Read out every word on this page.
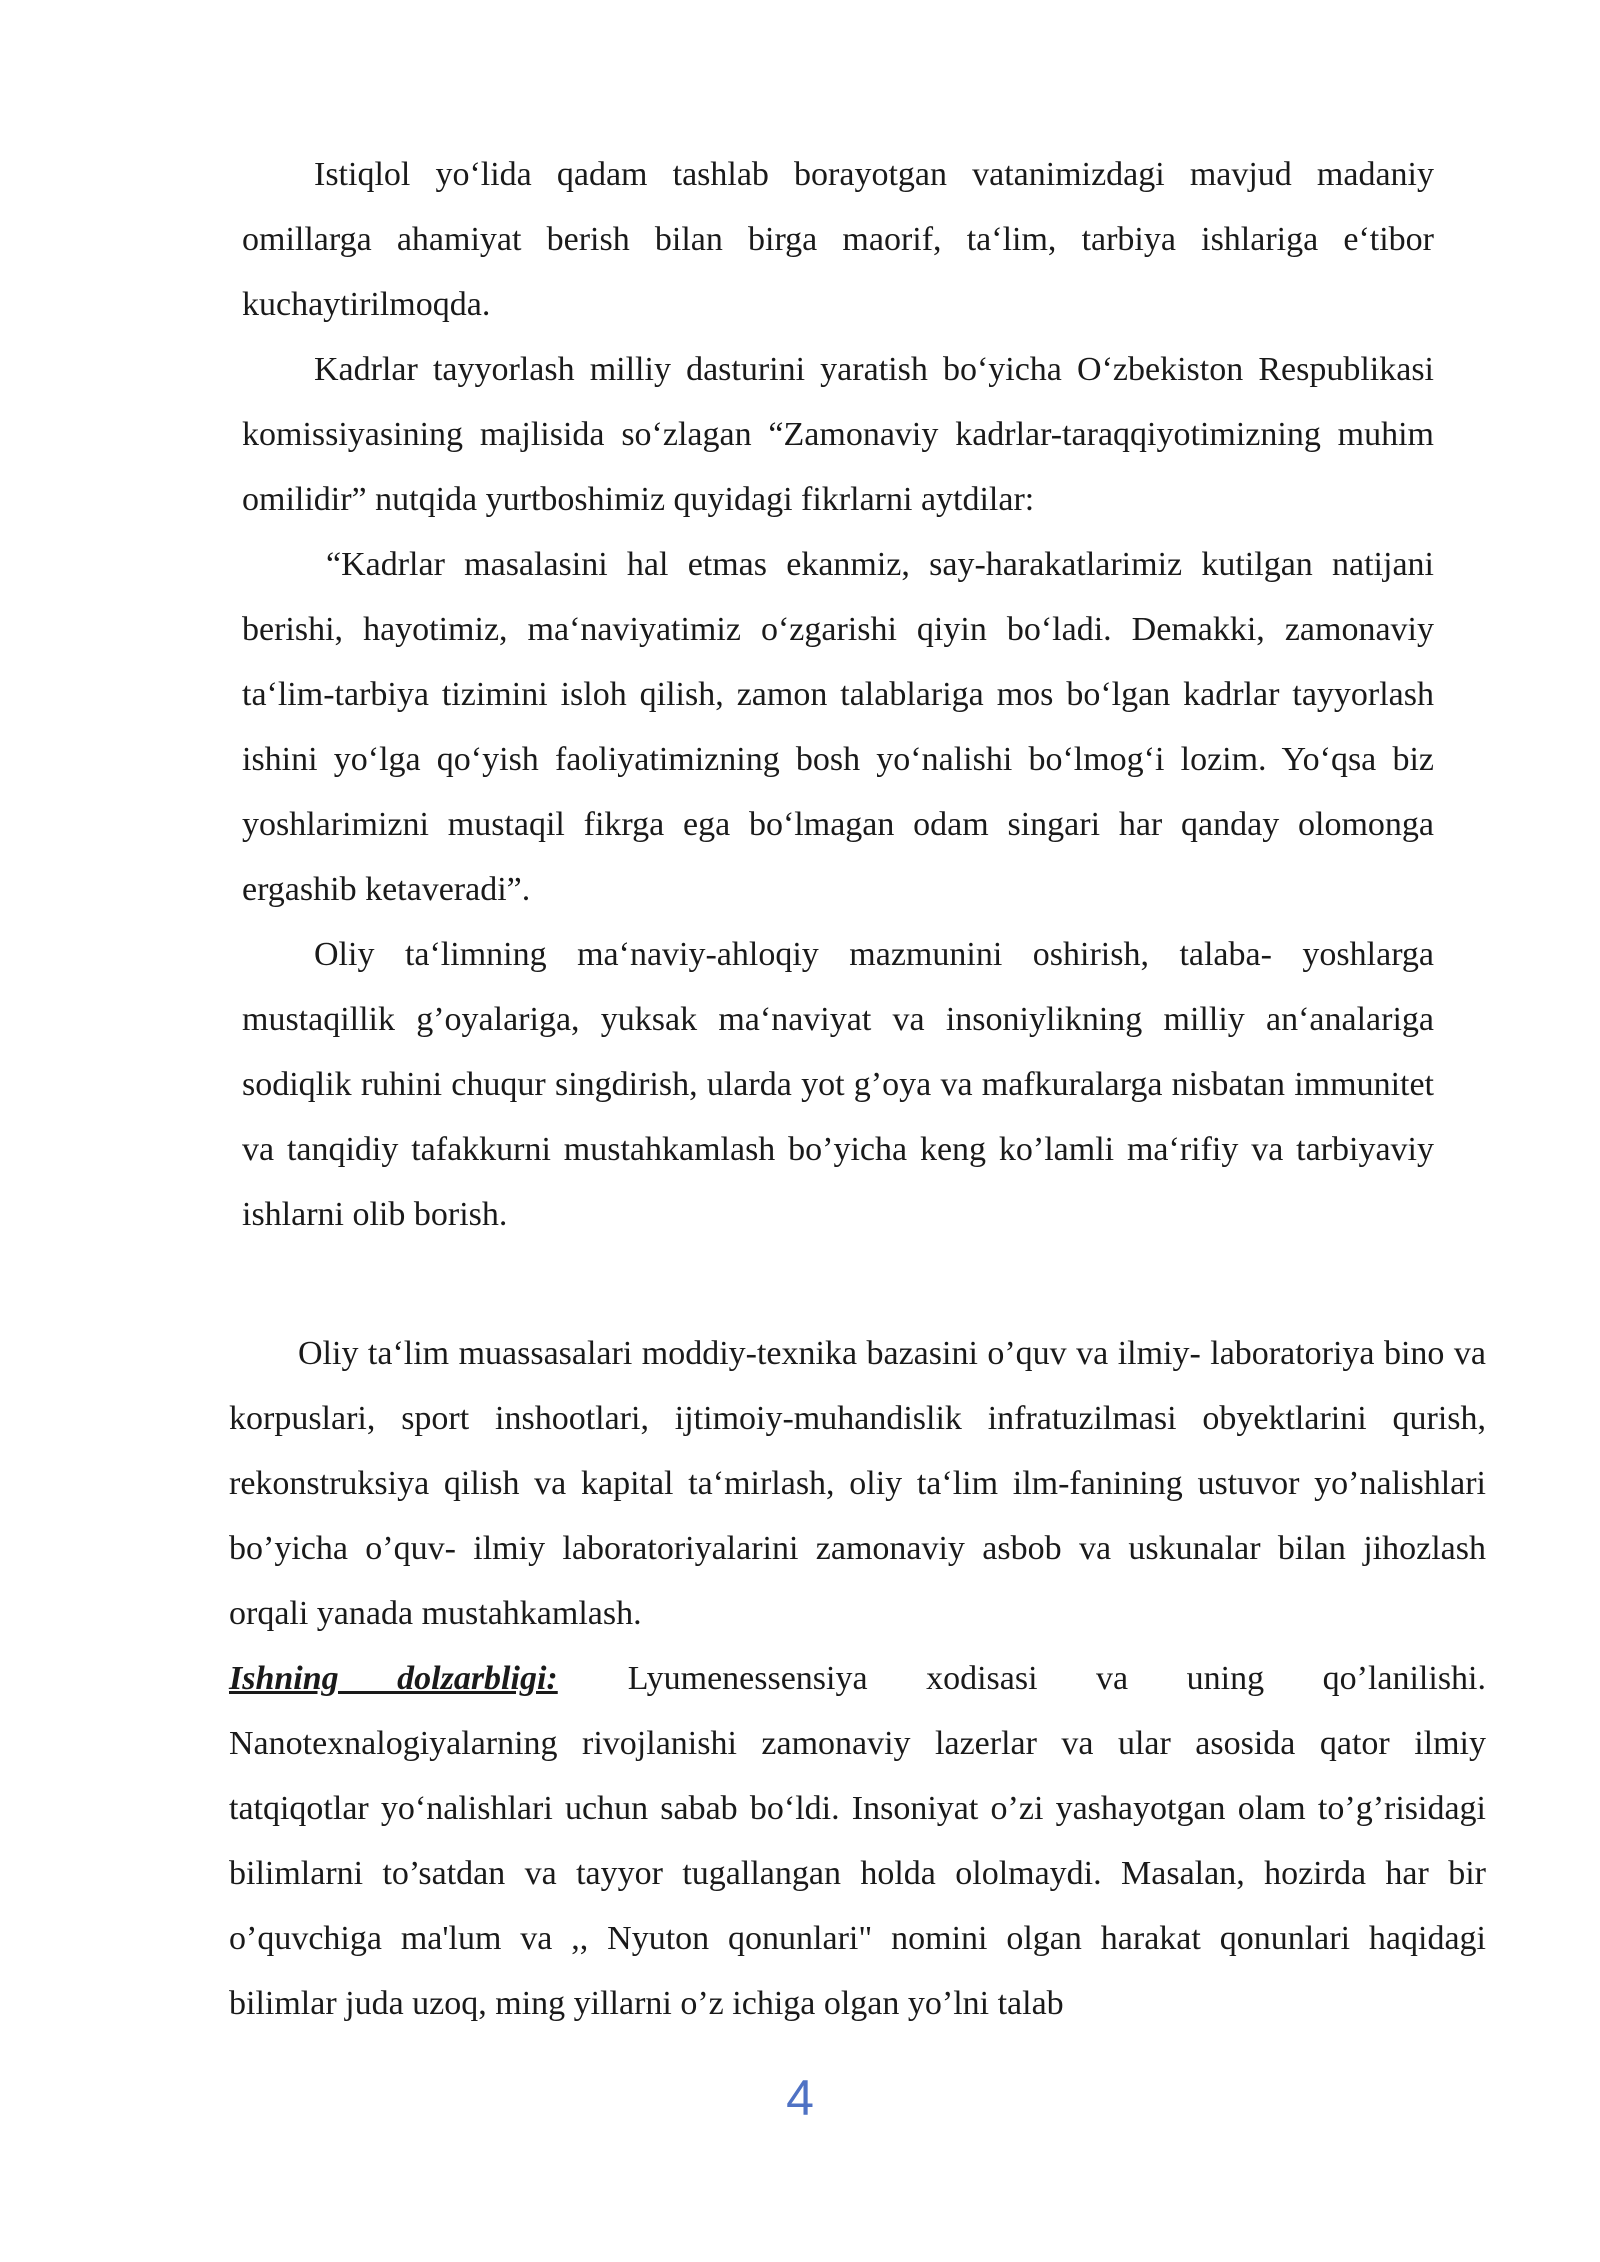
Istiqlol yo‘lida qadam tashlab borayotgan vatanimizdagi mavjud madaniy omillarga ahamiyat berish bilan birga maorif, ta‘lim, tarbiya ishlariga e‘tibor kuchaytirilmoqda.

Kadrlar tayyorlash milliy dasturini yaratish bo‘yicha O‘zbekiston Respublikasi komissiyasining majlisida so‘zlagan “Zamonaviy kadrlar-taraqqiyotimizning muhim omilidir” nutqida yurtboshimiz quyidagi fikrlarni aytdilar:

“Kadrlar masalasini hal etmas ekanmiz, say-harakatlarimiz kutilgan natijani berishi, hayotimiz, ma‘naviyatimiz o‘zgarishi qiyin bo‘ladi. Demakki, zamonaviy ta‘lim-tarbiya tizimini isloh qilish, zamon talablariga mos bo‘lgan kadrlar tayyorlash ishini yo‘lga qo‘yish faoliyatimizning bosh yo‘nalishi bo‘lmog‘i lozim. Yo‘qsa biz yoshlarimizni mustaqil fikrga ega bo‘lmagan odam singari har qanday olomonga ergashib ketaveradi”.

Oliy ta‘limning ma‘naviy-ahloqiy mazmunini oshirish, talaba- yoshlarga mustaqillik g’oyalariga, yuksak ma‘naviyat va insoniylikning milliy an‘analariga sodiqlik ruhini chuqur singdirish, ularda yot g’oya va mafkuralarga nisbatan immunitet va tanqidiy tafakkurni mustahkamlash bo’yicha keng ko’lamli ma‘rifiy va tarbiyaviy ishlarni olib borish.

Oliy ta‘lim muassasalari moddiy-texnika bazasini o’quv va ilmiy- laboratoriya bino va korpuslari, sport inshootlari, ijtimoiy-muhandislik infratuzilmasi obyektlarini qurish, rekonstruksiya qilish va kapital ta‘mirlash, oliy ta‘lim ilm-fanining ustuvor yo’nalishlari bo’yicha o’quv- ilmiy laboratoriyalarini zamonaviy asbob va uskunalar bilan jihozlash orqali yanada mustahkamlash.

Ishning dolzarbligi: Lyumenessensiya xodisasi va uning qo’lanilishi. Nanotexnalogiyalarning rivojlanishi zamonaviy lazerlar va ular asosida qator ilmiy tatqiqotlar yo‘nalishlari uchun sabab bo‘ldi. Insoniyat o’zi yashayotgan olam to’g’risidagi bilimlarni to’satdan va tayyor tugallangan holda ololmaydi. Masalan, hozirda har bir o’quvchiga ma'lum va ,, Nyuton qonunlari" nomini olgan harakat qonunlari haqidagi bilimlar juda uzoq, ming yillarni o’z ichiga olgan yo’lni talab

4
